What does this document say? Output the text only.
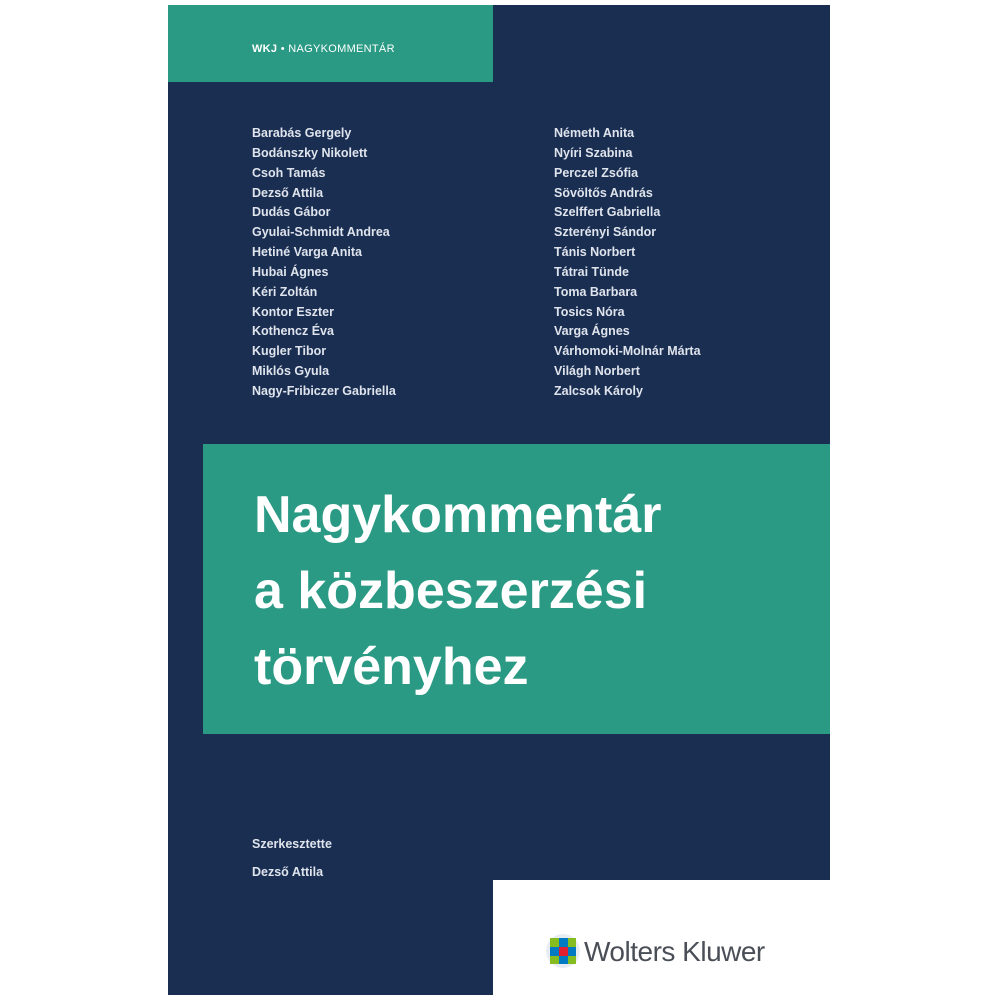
WKJ • NAGYKOMMENTÁR
Barabás Gergely
Bodánszky Nikolett
Csoh Tamás
Dezső Attila
Dudás Gábor
Gyulai-Schmidt Andrea
Hetiné Varga Anita
Hubai Ágnes
Kéri Zoltán
Kontor Eszter
Kothencz Éva
Kugler Tibor
Miklós Gyula
Nagy-Fribiczer Gabriella
Németh Anita
Nyíri Szabina
Perczel Zsófia
Sövöltős András
Szelffert Gabriella
Szterényi Sándor
Tánis Norbert
Tátrai Tünde
Toma Barbara
Tosics Nóra
Varga Ágnes
Várhomoki-Molnár Márta
Világh Norbert
Zalcsok Károly
Nagykommentár
a közbeszerzési
törvényhez
Szerkesztette
Dezső Attila
Wolters Kluwer
